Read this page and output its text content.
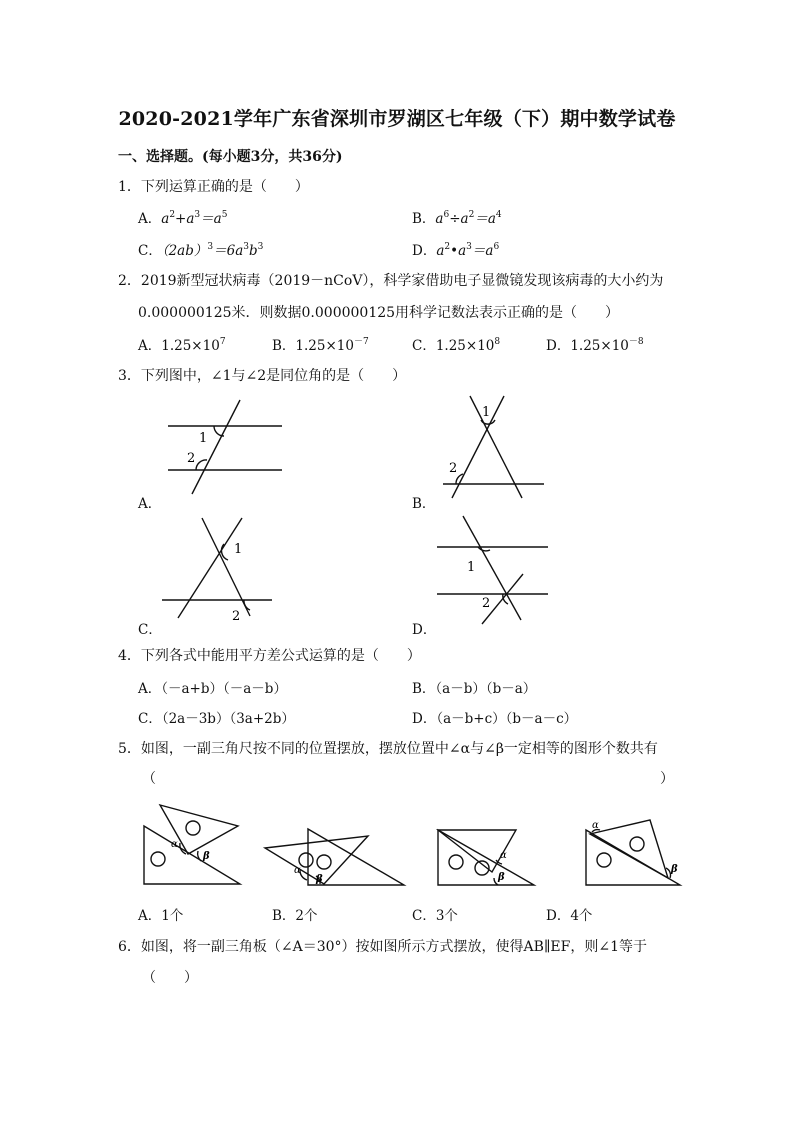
2020-2021学年广东省深圳市罗湖区七年级（下）期中数学试卷
一、选择题。(每小题3分，共36分)
1．下列运算正确的是（　　）
A．$a^2+a^3=a^5$	B．$a^6\div a^2=a^4$
C．$(2ab)^3=6a^3b^3$	D．$a^2•a^3=a^6$
2．2019新型冠状病毒（2019－nCoV），科学家借助电子显微镜发现该病毒的大小约为
0.000000125米．则数据0.000000125用科学记数法表示正确的是（　　）
A．$1.25\times 10^7$	B．$1.25\times 10^{-7}$	C．$1.25\times 10^8$	D．$1.25\times 10^{-8}$
3．下列图中，∠1与∠2是同位角的是（　　）
1
2
1
2
1
2
1
2
α
β
α
β
α
β
α
β
A．	B．
C．	D．
4．下列各式中能用平方差公式运算的是（　　）
A．（－a+b）（－a－b）	B．（a－b）（b－a）
C．（2a－3b）（3a+2b）	D．（a－b+c）（b－a－c）
5．如图，一副三角尺按不同的位置摆放，摆放位置中∠α与∠β一定相等的图形个数共有
（	）
A．1个	B．2个	C．3个	D．4个
6．如图，将一副三角板（∠A＝30°）按如图所示方式摆放，使得AB∥EF，则∠1等于
（　　）
